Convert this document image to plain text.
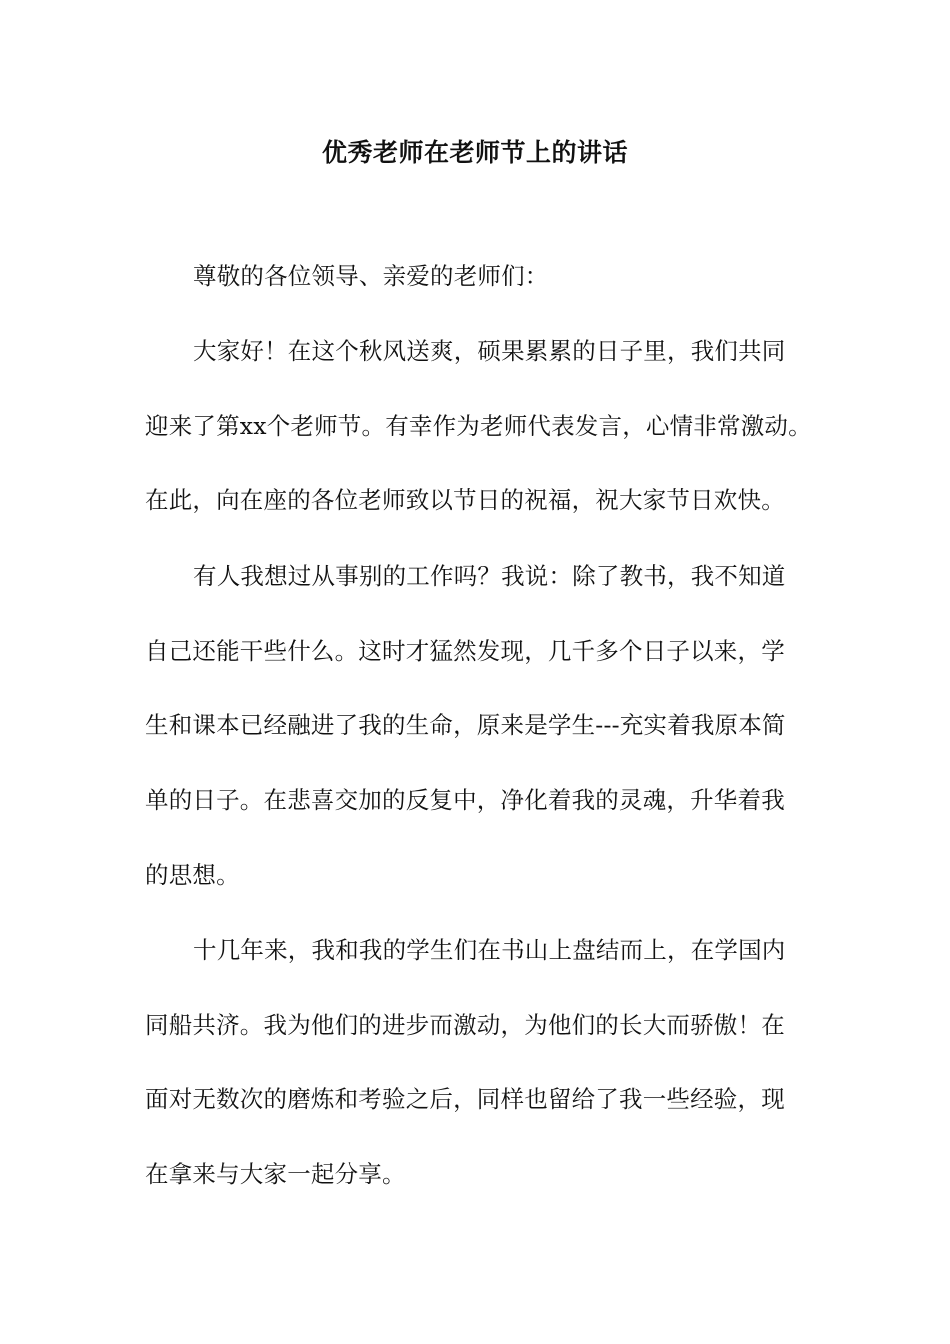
优秀老师在老师节上的讲话
尊敬的各位领导、亲爱的老师们：
大家好！在这个秋风送爽，硕果累累的日子里，我们共同
迎来了第xx个老师节。有幸作为老师代表发言，心情非常激动。
在此，向在座的各位老师致以节日的祝福，祝大家节日欢快。
有人我想过从事别的工作吗？我说：除了教书，我不知道
自己还能干些什么。这时才猛然发现，几千多个日子以来，学
生和课本已经融进了我的生命，原来是学生---充实着我原本简
单的日子。在悲喜交加的反复中，净化着我的灵魂，升华着我
的思想。
十几年来，我和我的学生们在书山上盘结而上，在学国内
同船共济。我为他们的进步而激动，为他们的长大而骄傲！在
面对无数次的磨炼和考验之后，同样也留给了我一些经验，现
在拿来与大家一起分享。
